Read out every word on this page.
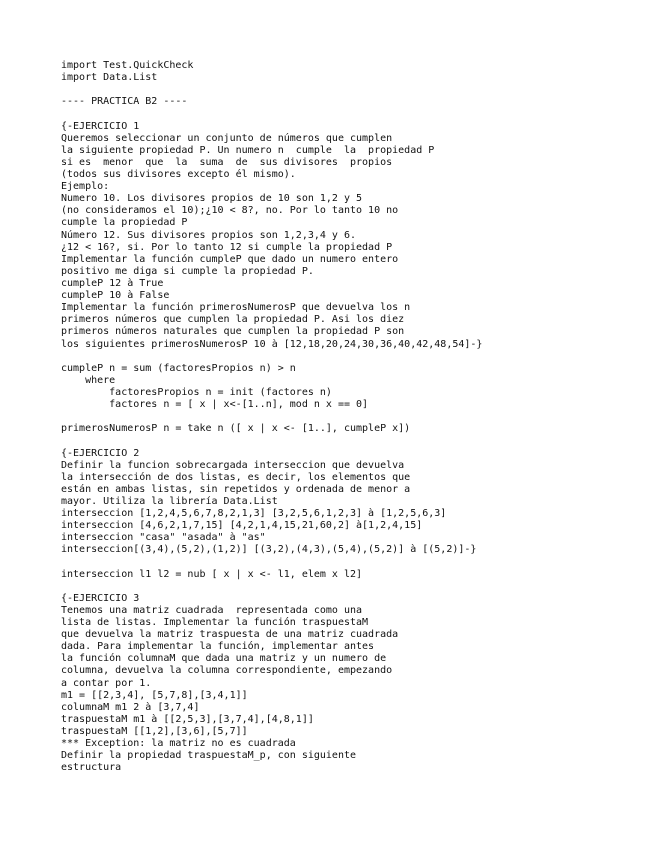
import Test.QuickCheck
import Data.List
---- PRACTICA B2 ----
{-EJERCICIO 1
Queremos seleccionar un conjunto de números que cumplen
la siguiente propiedad P. Un numero n  cumple  la  propiedad P
si es  menor  que  la  suma  de  sus divisores  propios
(todos sus divisores excepto él mismo).
Ejemplo:
Numero 10. Los divisores propios de 10 son 1,2 y 5
(no consideramos el 10);¿10 < 8?, no. Por lo tanto 10 no
cumple la propiedad P
Número 12. Sus divisores propios son 1,2,3,4 y 6.
¿12 < 16?, si. Por lo tanto 12 si cumple la propiedad P
Implementar la función cumpleP que dado un numero entero
positivo me diga si cumple la propiedad P.
cumpleP 12 à True
cumpleP 10 à False
Implementar la función primerosNumerosP que devuelva los n
primeros números que cumplen la propiedad P. Asi los diez
primeros números naturales que cumplen la propiedad P son
los siguientes primerosNumerosP 10 à [12,18,20,24,30,36,40,42,48,54]-}
cumpleP n = sum (factoresPropios n) > n
where
factoresPropios n = init (factores n)
factores n = [ x | x<-[1..n], mod n x == 0]
primerosNumerosP n = take n ([ x | x <- [1..], cumpleP x])
{-EJERCICIO 2
Definir la funcion sobrecargada interseccion que devuelva
la intersección de dos listas, es decir, los elementos que
están en ambas listas, sin repetidos y ordenada de menor a
mayor. Utiliza la librería Data.List
interseccion [1,2,4,5,6,7,8,2,1,3] [3,2,5,6,1,2,3] à [1,2,5,6,3]
interseccion [4,6,2,1,7,15] [4,2,1,4,15,21,60,2] à[1,2,4,15]
interseccion "casa" "asada" à "as"
interseccion[(3,4),(5,2),(1,2)] [(3,2),(4,3),(5,4),(5,2)] à [(5,2)]-}
interseccion l1 l2 = nub [ x | x <- l1, elem x l2]
{-EJERCICIO 3
Tenemos una matriz cuadrada  representada como una
lista de listas. Implementar la función traspuestaM
que devuelva la matriz traspuesta de una matriz cuadrada
dada. Para implementar la función, implementar antes
la función columnaM que dada una matriz y un numero de
columna, devuelva la columna correspondiente, empezando
a contar por 1.
m1 = [[2,3,4], [5,7,8],[3,4,1]]
columnaM m1 2 à [3,7,4]
traspuestaM m1 à [[2,5,3],[3,7,4],[4,8,1]]
traspuestaM [[1,2],[3,6],[5,7]]
*** Exception: la matriz no es cuadrada
Definir la propiedad traspuestaM_p, con siguiente
estructura
